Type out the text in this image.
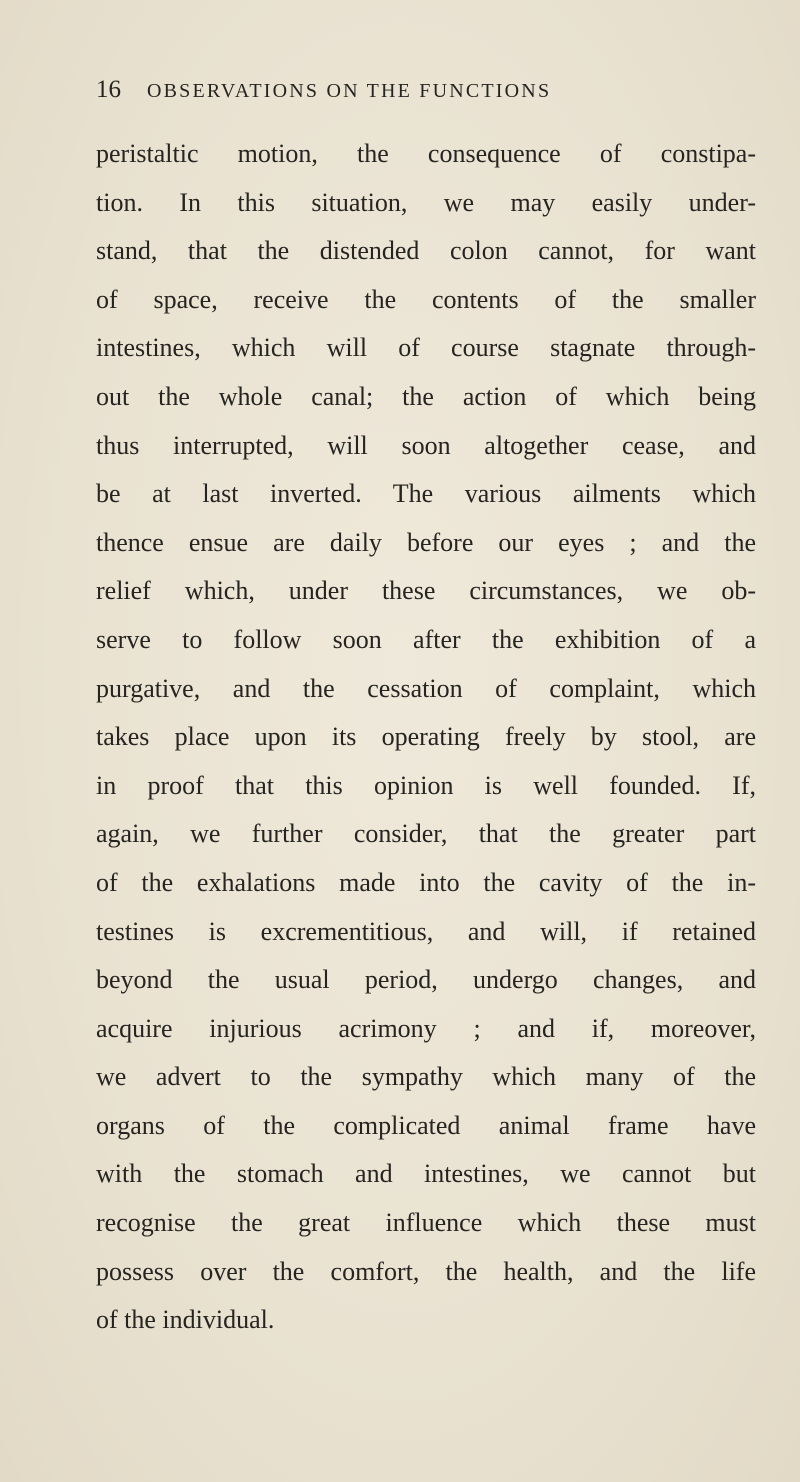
16 OBSERVATIONS ON THE FUNCTIONS
peristaltic motion, the consequence of constipa-
tion. In this situation, we may easily under-
stand, that the distended colon cannot, for want
of space, receive the contents of the smaller
intestines, which will of course stagnate through-
out the whole canal; the action of which being
thus interrupted, will soon altogether cease, and
be at last inverted. The various ailments which
thence ensue are daily before our eyes ; and the
relief which, under these circumstances, we ob-
serve to follow soon after the exhibition of a
purgative, and the cessation of complaint, which
takes place upon its operating freely by stool, are
in proof that this opinion is well founded. If,
again, we further consider, that the greater part
of the exhalations made into the cavity of the in-
testines is excrementitious, and will, if retained
beyond the usual period, undergo changes, and
acquire injurious acrimony ; and if, moreover,
we advert to the sympathy which many of the
organs of the complicated animal frame have
with the stomach and intestines, we cannot but
recognise the great influence which these must
possess over the comfort, the health, and the life
of the individual.
